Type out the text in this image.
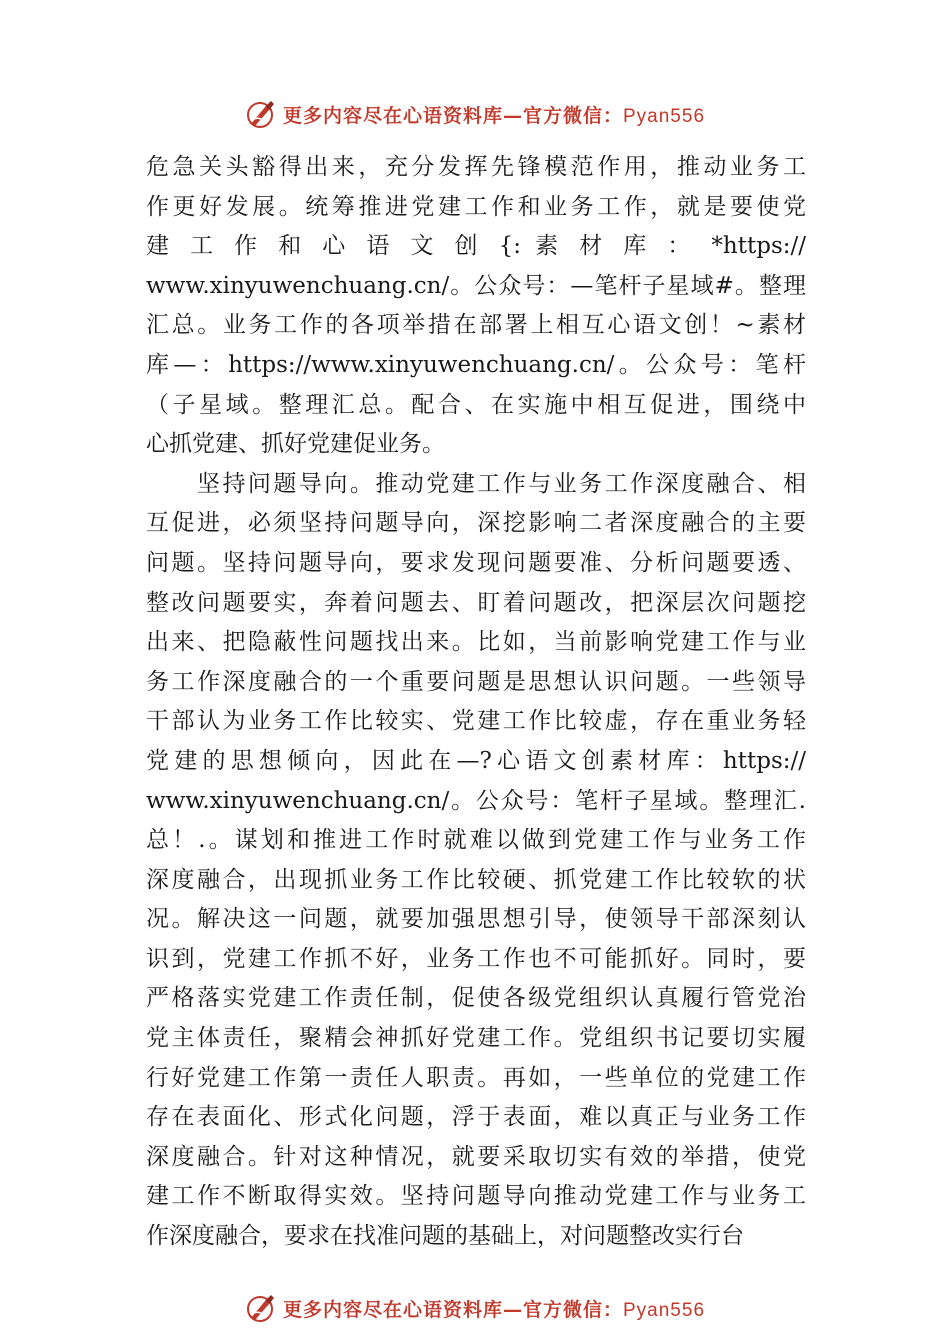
更多内容尽在心语资料库—官方微信：Pyan556
危急关头豁得出来，充分发挥先锋模范作用，推动业务工
作更好发展。统筹推进党建工作和业务工作，就是要使党
建 工 作 和 心 语 文 创 {: 素 材 库 ： *https://
www.xinyuwenchuang.cn/。公众号：—笔杆子星域#。整理
汇总。业务工作的各项举措在部署上相互心语文创！~素材
库—：https://www.xinyuwenchuang.cn/。公众号：笔杆
（子星域。整理汇总。配合、在实施中相互促进，围绕中
心抓党建、抓好党建促业务。
　　坚持问题导向。推动党建工作与业务工作深度融合、相
互促进，必须坚持问题导向，深挖影响二者深度融合的主要
问题。坚持问题导向，要求发现问题要准、分析问题要透、
整改问题要实，奔着问题去、盯着问题改，把深层次问题挖
出来、把隐蔽性问题找出来。比如，当前影响党建工作与业
务工作深度融合的一个重要问题是思想认识问题。一些领导
干部认为业务工作比较实、党建工作比较虚，存在重业务轻
党建的思想倾向，因此在—?心语文创素材库：https://
www.xinyuwenchuang.cn/。公众号：笔杆子星域。整理汇.
总！.。谋划和推进工作时就难以做到党建工作与业务工作
深度融合，出现抓业务工作比较硬、抓党建工作比较软的状
况。解决这一问题，就要加强思想引导，使领导干部深刻认
识到，党建工作抓不好，业务工作也不可能抓好。同时，要
严格落实党建工作责任制，促使各级党组织认真履行管党治
党主体责任，聚精会神抓好党建工作。党组织书记要切实履
行好党建工作第一责任人职责。再如，一些单位的党建工作
存在表面化、形式化问题，浮于表面，难以真正与业务工作
深度融合。针对这种情况，就要采取切实有效的举措，使党
建工作不断取得实效。坚持问题导向推动党建工作与业务工
作深度融合，要求在找准问题的基础上，对问题整改实行台
更多内容尽在心语资料库—官方微信：Pyan556
